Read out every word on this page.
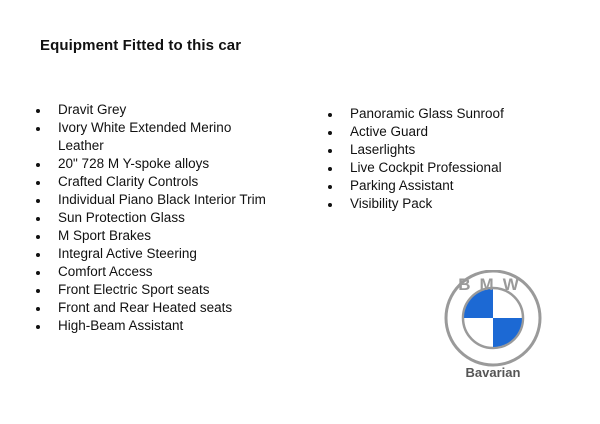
Equipment Fitted to this car
Dravit Grey
Ivory White Extended Merino
Leather
20" 728 M Y-spoke alloys
Crafted Clarity Controls
Individual Piano Black Interior Trim
Sun Protection Glass
M Sport Brakes
Integral Active Steering
Comfort Access
Front Electric Sport seats
Front and Rear Heated seats
High-Beam Assistant
Panoramic Glass Sunroof
Active Guard
Laserlights
Live Cockpit Professional
Parking Assistant
Visibility Pack
BMW
Bavarian
